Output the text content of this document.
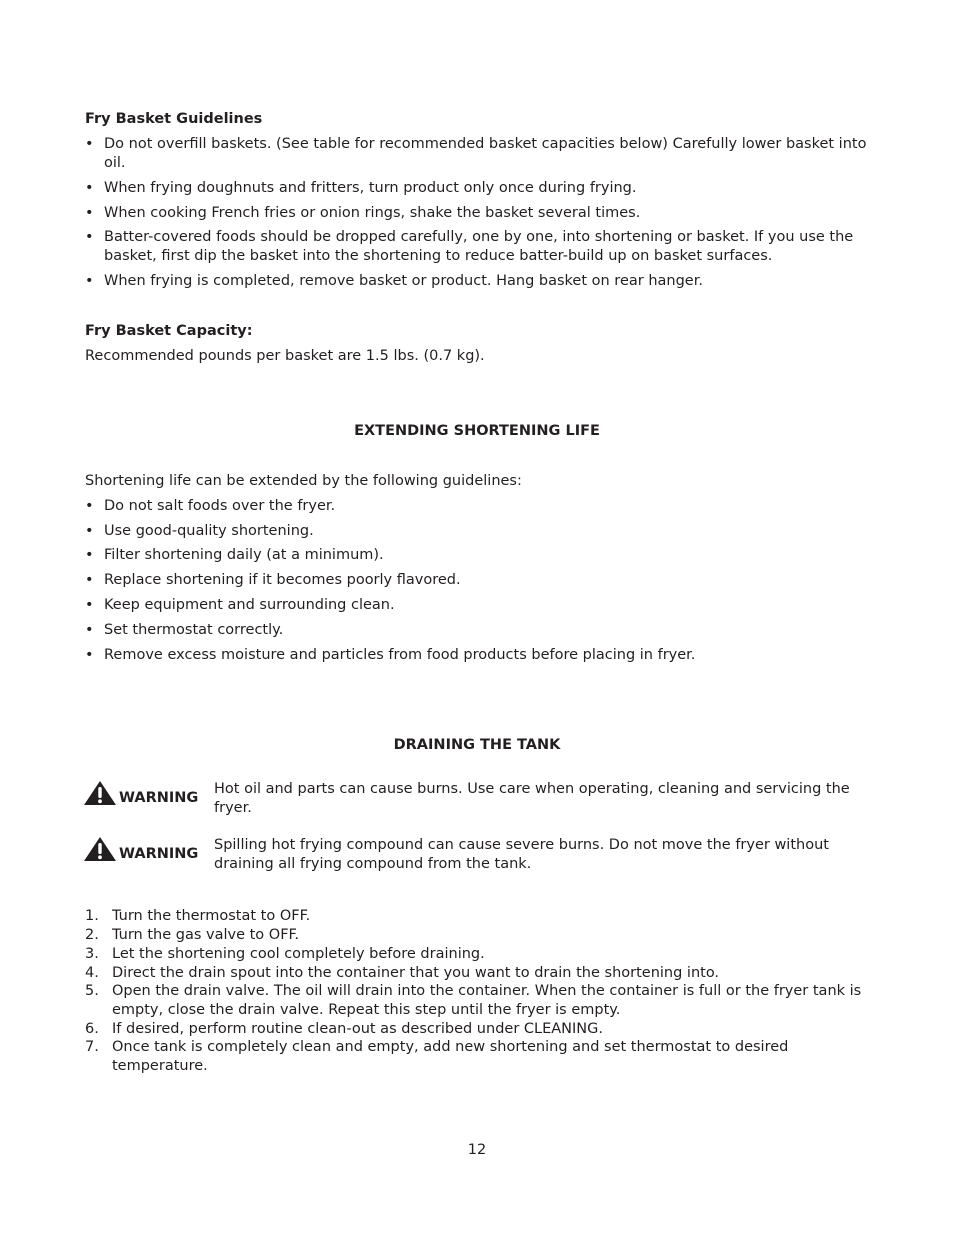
Fry Basket Guidelines
• Do not overfill baskets. (See table for recommended basket capacities below) Carefully lower basket into oil.
• When frying doughnuts and fritters, turn product only once during frying.
• When cooking French fries or onion rings, shake the basket several times.
• Batter-covered foods should be dropped carefully, one by one, into shortening or basket. If you use the basket, first dip the basket into the shortening to reduce batter-build up on basket surfaces.
• When frying is completed, remove basket or product. Hang basket on rear hanger.
Fry Basket Capacity:
Recommended pounds per basket are 1.5 lbs. (0.7 kg).
EXTENDING SHORTENING LIFE
Shortening life can be extended by the following guidelines:
• Do not salt foods over the fryer.
• Use good-quality shortening.
• Filter shortening daily (at a minimum).
• Replace shortening if it becomes poorly flavored.
• Keep equipment and surrounding clean.
• Set thermostat correctly.
• Remove excess moisture and particles from food products before placing in fryer.
DRAINING THE TANK
WARNING
Hot oil and parts can cause burns. Use care when operating, cleaning and servicing the fryer.
WARNING
Spilling hot frying compound can cause severe burns. Do not move the fryer without draining all frying compound from the tank.
1. Turn the thermostat to OFF.
2. Turn the gas valve to OFF.
3. Let the shortening cool completely before draining.
4. Direct the drain spout into the container that you want to drain the shortening into.
5. Open the drain valve. The oil will drain into the container. When the container is full or the fryer tank is empty, close the drain valve. Repeat this step until the fryer is empty.
6. If desired, perform routine clean-out as described under CLEANING.
7. Once tank is completely clean and empty, add new shortening and set thermostat to desired temperature.
12
